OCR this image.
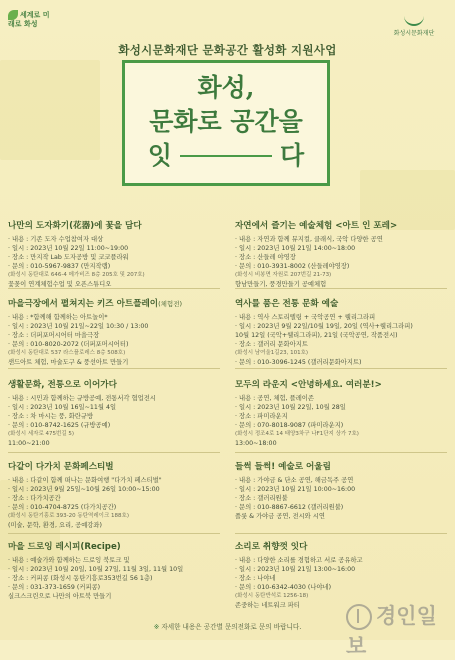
세계로 미래로 화성
화성시문화재단
화성시문화재단 문화공간 활성화 지원사업
화성,
문화로 공간을
잇	다
나만의 도자화기(花器)에 꽃을 담다
· 내용 : 기존 도자 수업참여자 대상
· 일시 : 2023년 10월 22일 11:00~19:00
· 장소 : 만지작 Lab 도자공방 및 코코플라워
· 문의 : 010-5967-9837 (만지작랩)
(화성시 동탄대로 646-4 메가비즈 8층 205호 및 207호)
꽃꽂이 연계체험수업 및 오픈스튜디오
마을극장에서 펼쳐지는 키즈 아트플레이(체험전)
· 내용 : *함께해 함께하는 아트놀이*
· 일시 : 2023년 10월 21일~22일 10:30 / 13:00
· 장소 : 더퍼포머시어터 마을극장
· 문의 : 010-8020-2072 (더퍼포머시어터)
(화성시 동탄대로 537 라스플로레스 8층 508호)
샌드아트 체험, 마술도구 & 풍선아트 만들기
생활문화, 전통으로 이어가다
· 내용 : 시민과 함께하는 규방공예, 전통서각 협업전시
· 일시 : 2023년 10월 16일~11월 4일
· 장소 : 차 마시는 풍, 화란규방
· 문의 : 010-8742-1625 (규방공예)
(화성시 세자로 475번길 5)
11:00~21:00
다같이 다가치 문화페스티벌
· 내용 : 다같이 함께 떠나는 문화여행 "다가치 페스티벌"
· 일시 : 2023년 9월 25일~10월 26일 10:00~15:00
· 장소 : 다가치공간
· 문의 : 010-4704-8725 (다가치공간)
(화성시 동탄기흥로 393-20 동탄역레이크 188호)
(미술, 문학, 환경, 요리, 공예강좌)
마을 드로잉 레시피(Recipe)
· 내용 : 예술가와 함께하는 드로잉 북토크 및
· 일시 : 2023년 10월 20일, 10월 27일, 11월 3일, 11월 10일
· 장소 : 커피콩 (화성시 동탄기흥로353번길 56 1층)
· 문의 : 031-373-1659 (커피콩)
실크스크린으로 나만의 아트북 만들기
자연에서 즐기는 예술체험 <아트 인 포레>
· 내용 : 자연과 함께 뮤지컬, 클래식, 국악 다양한 공연
· 일시 : 2023년 10월 21일 14:00~18:00
· 장소 : 산들레 야영장
· 문의 : 010-3931-8002 (산들레야영장)
(화성시 비봉면 자원로 207번길 21-73)
향남만들기, 풍경만들기 공예체험
역사를 품은 전통 문화 예술
· 내용 : 역사 스토리텔링 + 국악공연 + 웰리그라피
· 일시 : 2023년 9월 22일/10월 19일, 20일 (역사+웰리그라피)
10월 12일 (국악+웰리그라피), 21일 (국악공연, 작품전시)
· 장소 : 갤러리 문화아지트
(화성시 남여울1길23, 101호)
· 문의 : 010-3096-1245 (갤러리문화아지트)
모두의 라운지 <안녕하세요. 여러분!>
· 내용 : 공연, 체험, 플레이존
· 일시 : 2023년 10월 22일, 10월 28일
· 장소 : 파미라운지
· 문의 : 070-8018-9087 (파미라운지)
(화성시 정조4로 14 태양3차구 나F1단지 상가 7호)
13:00~18:00
들썩 들썩! 예술로 어울림
· 내용 : 가야금 & 단소 공연, 해금독주 공연
· 일시 : 2023년 10월 21일 10:00~16:00
· 장소 : 갤러리원불
· 문의 : 010-8867-6612 (갤러리원불)
플룻 & 가야금 공연, 전시와 시연
소리로 취향껏 잇다
· 내용 : 다양한 소리를 경험하고 서로 공유하고
· 일시 : 2023년 10월 21일 13:00~16:00
· 장소 : 나야네
· 문의 : 010-6342-4030 (나야네)
(화성시 동탄반석로 1256-18)
존중하는 네트워크 파티	경인일보
※ 자세한 내용은 공간별 문의전화로 문의 바랍니다.
